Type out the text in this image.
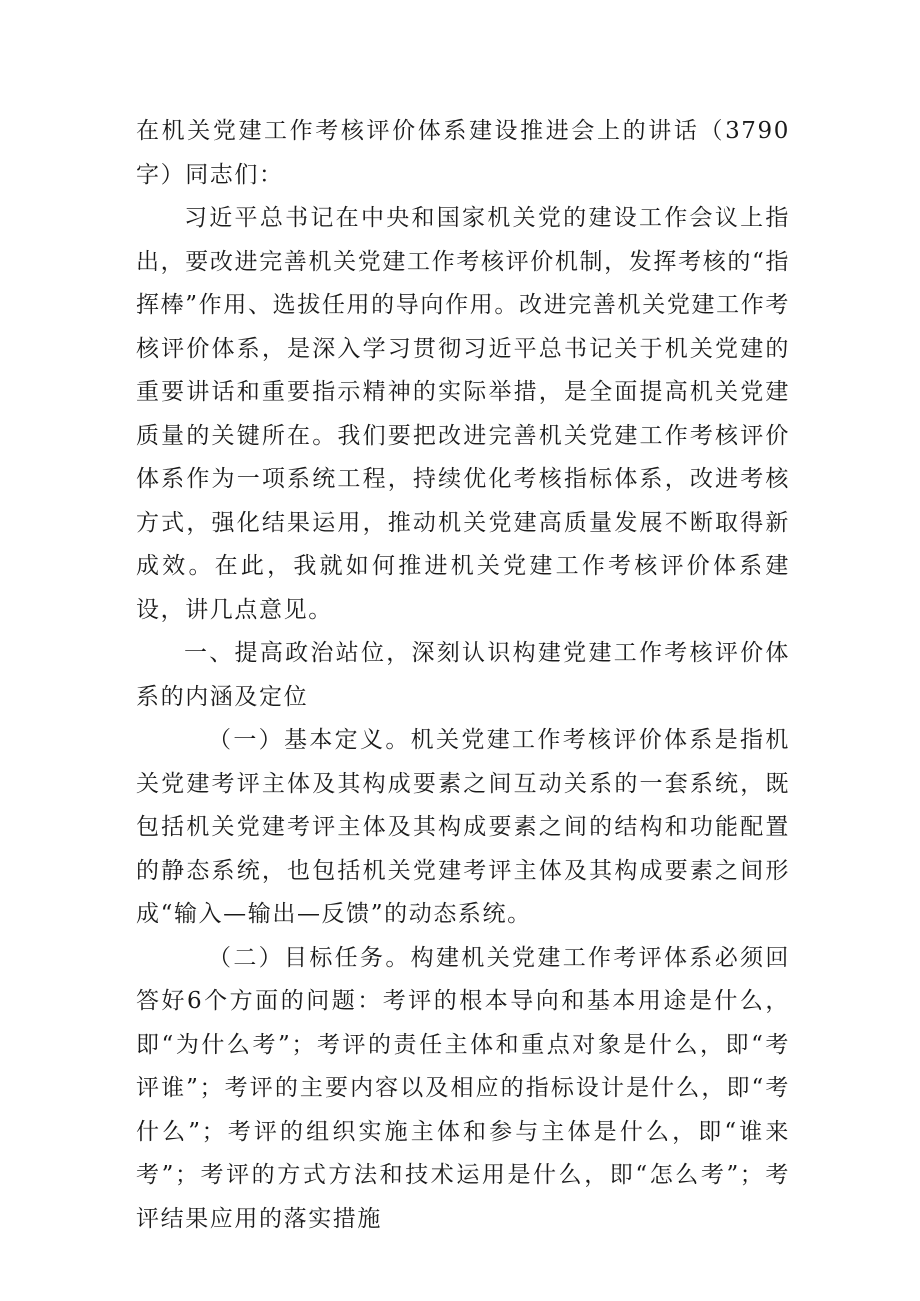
在机关党建工作考核评价体系建设推进会上的讲话（3790字）同志们：

习近平总书记在中央和国家机关党的建设工作会议上指出，要改进完善机关党建工作考核评价机制，发挥考核的“指挥棒”作用、选拔任用的导向作用。改进完善机关党建工作考核评价体系，是深入学习贯彻习近平总书记关于机关党建的重要讲话和重要指示精神的实际举措，是全面提高机关党建质量的关键所在。我们要把改进完善机关党建工作考核评价体系作为一项系统工程，持续优化考核指标体系，改进考核方式，强化结果运用，推动机关党建高质量发展不断取得新成效。在此，我就如何推进机关党建工作考核评价体系建设，讲几点意见。

一、提高政治站位，深刻认识构建党建工作考核评价体系的内涵及定位

（一）基本定义。机关党建工作考核评价体系是指机关党建考评主体及其构成要素之间互动关系的一套系统，既包括机关党建考评主体及其构成要素之间的结构和功能配置的静态系统，也包括机关党建考评主体及其构成要素之间形成“输入—输出—反馈”的动态系统。

（二）目标任务。构建机关党建工作考评体系必须回答好6个方面的问题：考评的根本导向和基本用途是什么，即“为什么考”；考评的责任主体和重点对象是什么，即“考评谁”；考评的主要内容以及相应的指标设计是什么，即“考什么”；考评的组织实施主体和参与主体是什么，即“谁来考”；考评的方式方法和技术运用是什么，即“怎么考”；考评结果应用的落实措施
